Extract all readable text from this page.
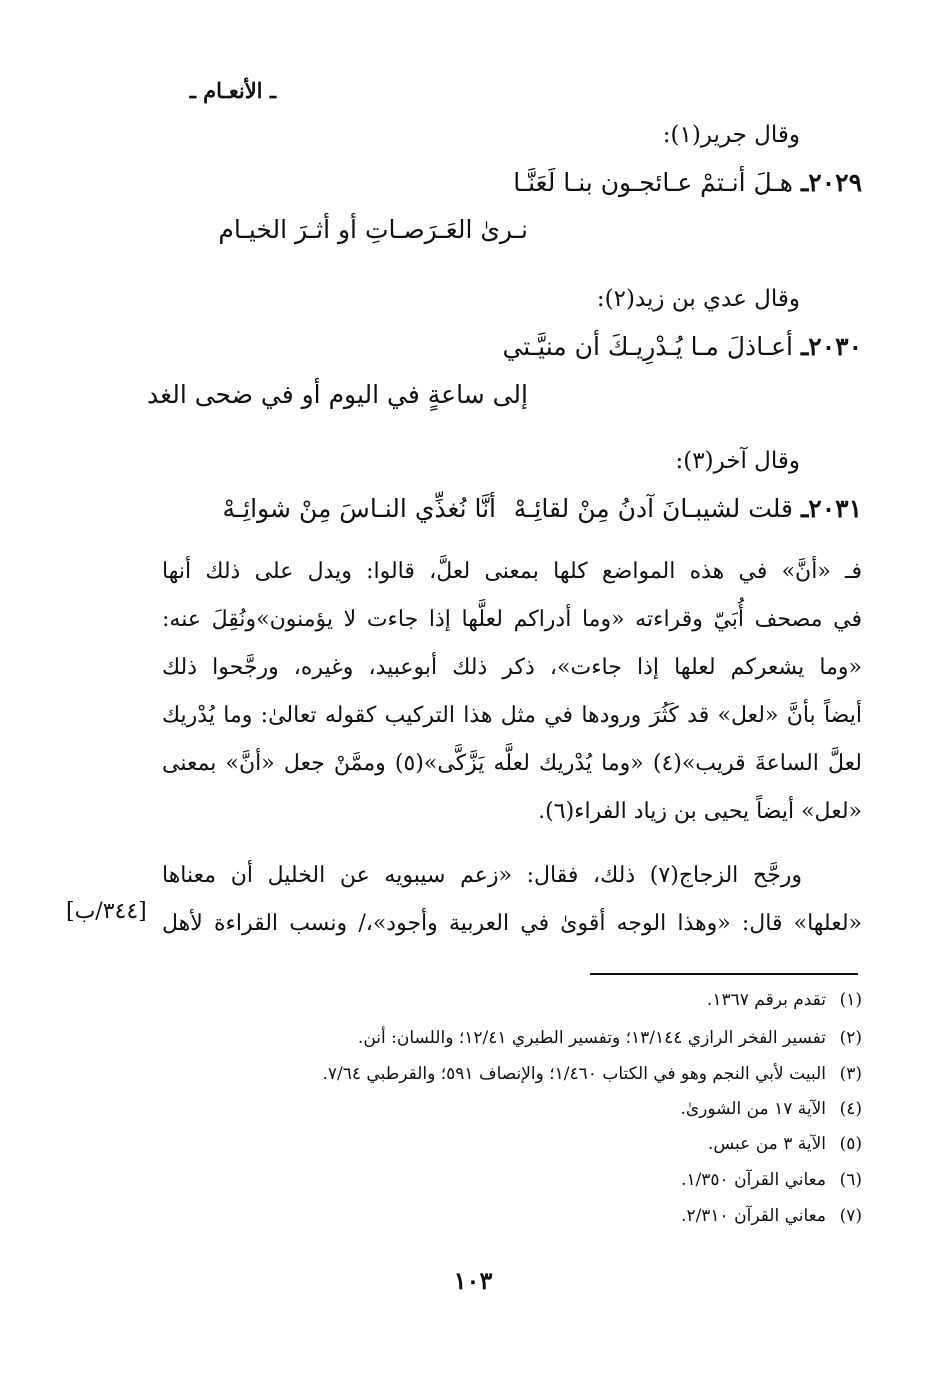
ـ الأنعـام ـ
وقال جرير(١):
٢٠٢٩ـ هـلَ أنـتمْ عـائجـون بنـا لَعَنَّـا
نـرىٰ العَـرَصـاتِ أو أثـرَ الخيـام
وقال عدي بن زيد(٢):
٢٠٣٠ـ أعـاذلَ مـا يُـدْرِيـكَ أن منيَّـتي
إلى ساعةٍ في اليوم أو في ضحى الغد
وقال آخر(٣):
٢٠٣١ـ قلت لشيبـانَ آدنُ مِنْ لقائِـهْ
أنَّا نُغذِّي النـاسَ مِنْ شوائِـهْ
فـ «أنَّ» في هذه المواضع كلها بمعنى لعلَّ، قالوا: ويدل على ذلك أنها
في مصحف أُبَيّ وقراءته «وما أدراكم لعلَّها إذا جاءت لا يؤمنون»ونُقِلَ عنه:
«وما يشعركم لعلها إذا جاءت»، ذكر ذلك أبوعبيد، وغيره، ورجَّحوا ذلك
أيضاً بأنَّ «لعل» قد كَثُرَ ورودها في مثل هذا التركيب كقوله تعالىٰ: وما يُدْريك
لعلَّ الساعةَ قريب»(٤) «وما يُدْريك لعلَّه يَزَّكَّى»(٥) وممَّنْ جعل «أنَّ» بمعنى
«لعل» أيضاً يحيى بن زياد الفراء(٦).
ورجَّح الزجاج(٧) ذلك، فقال: «زعم سيبويه عن الخليل أن معناها
«لعلها» قال: «وهذا الوجه أقوىٰ في العربية وأجود»،/ ونسب القراءة لأهل
[٣٤٤/ب]
(١)تقدم برقم ١٣٦٧.
(٢)تفسير الفخر الرازي ١٣/١٤٤؛ وتفسير الطبري ١٢/٤١؛ واللسان: أنن.
(٣)البيت لأبي النجم وهو في الكتاب ١/٤٦٠؛ والإنصاف ٥٩١؛ والقرطبي ٧/٦٤.
(٤)الآية ١٧ من الشورىٰ.
(٥)الآية ٣ من عبس.
(٦)معاني القرآن ١/٣٥٠.
(٧)معاني القرآن ٢/٣١٠.
١٠٣
